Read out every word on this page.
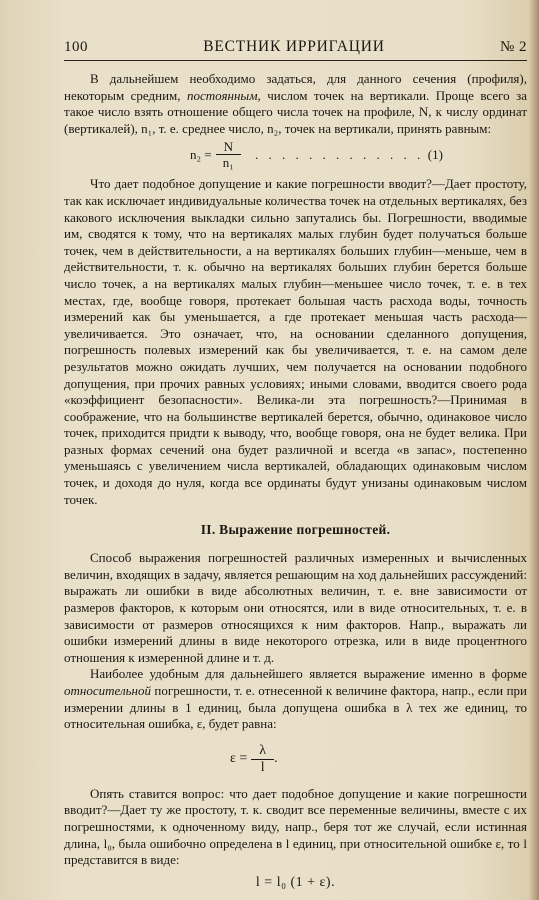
100	ВЕСТНИК ИРРИГАЦИИ	№ 2

В дальнейшем необходимо задаться, для данного сечения (профиля), некоторым средним, постоянным, числом точек на вертикали. Проще всего за такое число взять отношение общего числа точек на профиле, N, к числу ординат (вертикалей), n₁, т. е. среднее число, n₂, точек на вертикали, принять равным:

$n_2 = \frac{N}{\text{n₁}}$ . . . . . . . . . . . . . (1)

Что дает подобное допущение и какие погрешности вводит?—Дает простоту, так как исключает индивидуальные количества точек на отдельных вертикалях, без какового исключения выкладки сильно запутались бы. Погрешности, вводимые им, сводятся к тому, что на вертикалях малых глубин будет получаться больше точек, чем в действительности, а на вертикалях больших глубин—меньше, чем в действительности, т. к. обычно на вертикалях больших глубин берется больше число точек, а на вертикалях малых глубин—меньшее число точек, т. е. в тех местах, где, вообще говоря, протекает большая часть расхода воды, точность измерений как бы уменьшается, а где протекает меньшая часть расхода—увеличивается. Это означает, что, на основании сделанного допущения, погрешность полевых измерений как бы увеличивается, т. е. на самом деле результатов можно ожидать лучших, чем получается на основании подобного допущения, при прочих равных условиях; иными словами, вводится своего рода «коэффициент безопасности». Велика-ли эта погрешность?—Принимая в соображение, что на большинстве вертикалей берется, обычно, одинаковое число точек, приходится придти к выводу, что, вообще говоря, она не будет велика. При разных формах сечений она будет различной и всегда «в запас», постепенно уменьшаясь с увеличением числа вертикалей, обладающих одинаковым числом точек, и доходя до нуля, когда все ординаты будут унизаны одинаковым числом точек.

II. Выражение погрешностей.

Способ выражения погрешностей различных измеренных и вычисленных величин, входящих в задачу, является решающим на ход дальнейших рассуждений: выражать ли ошибки в виде абсолютных величин, т. е. вне зависимости от размеров факторов, к которым они относятся, или в виде относительных, т. е. в зависимости от размеров относящихся к ним факторов. Напр., выражать ли ошибки измерений длины в виде некоторого отрезка, или в виде процентного отношения к измеренной длине и т. д.

Наиболее удобным для дальнейшего является выражение именно в форме относительной погрешности, т. е. отнесенной к величине фактора, напр., если при измерении длины в 1 единиц, была допущена ошибка в λ тех же единиц, то относительная ошибка, ε, будет равна:

$\varepsilon = \frac{\lambda}{l}$ .

Опять ставится вопрос: что дает подобное допущение и какие погрешности вводит?—Дает ту же простоту, т. к. сводит все переменные величины, вместе с их погрешностями, к одноченному виду, напр., беря тот же случай, если истинная длина, l₀, была ошибочно определена в l единиц, при относительной ошибке ε, то l представится в виде:

l = l₀ (1 + ε).
